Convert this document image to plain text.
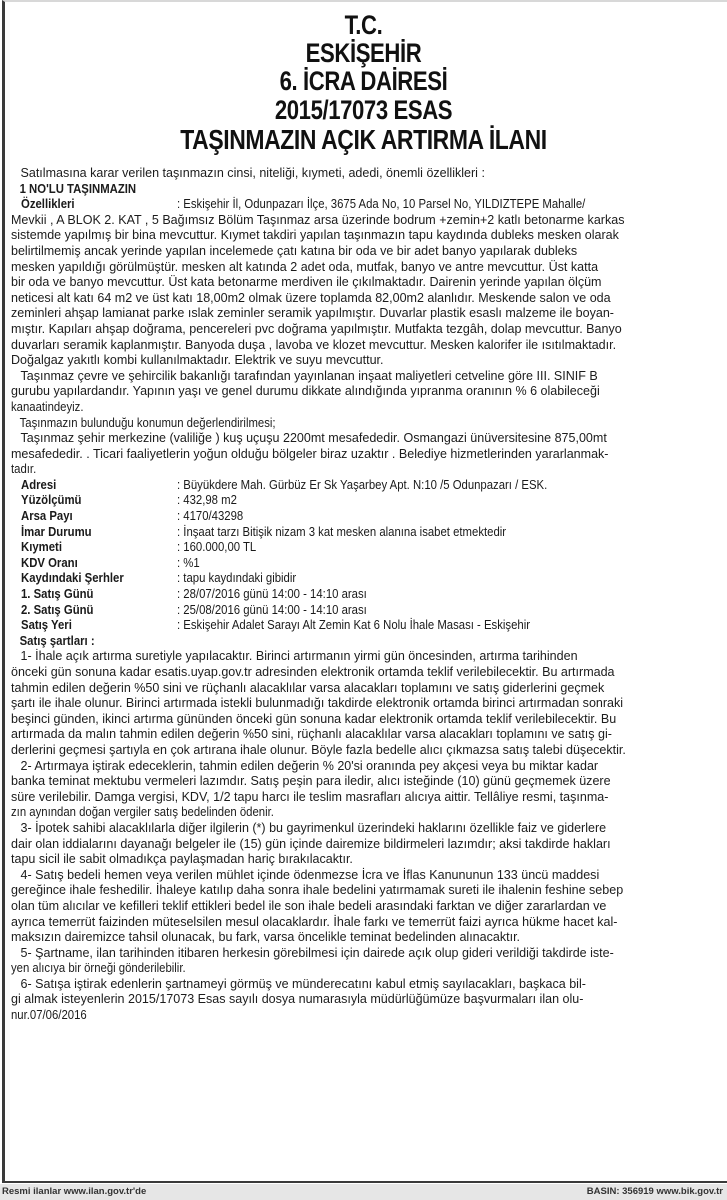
T.C.
ESKİŞEHİR
6. İCRA DAİRESİ
2015/17073 ESAS
TAŞINMAZIN AÇIK ARTIRMA İLANI
Satılmasına karar verilen taşınmazın cinsi, niteliği, kıymeti, adedi, önemli özellikleri :
1 NO'LU TAŞINMAZIN
Özellikleri	: Eskişehir İl, Odunpazarı İlçe, 3675 Ada No, 10 Parsel No, YILDIZTEPE Mahalle/
Mevkii , A BLOK 2. KAT , 5 Bağımsız Bölüm Taşınmaz arsa üzerinde bodrum +zemin+2 katlı betonarme karkas
sistemde yapılmış bir bina mevcuttur. Kıymet takdiri yapılan taşınmazın tapu kaydında dubleks mesken olarak
belirtilmemiş ancak yerinde yapılan incelemede çatı katına bir oda ve bir adet banyo yapılarak dubleks
mesken yapıldığı görülmüştür. mesken alt katında 2 adet oda, mutfak, banyo ve antre mevcuttur. Üst katta
bir oda ve banyo mevcuttur. Üst kata betonarme merdiven ile çıkılmaktadır. Dairenin yerinde yapılan ölçüm
neticesi alt katı 64 m2 ve üst katı 18,00m2 olmak üzere toplamda 82,00m2 alanlıdır. Meskende salon ve oda
zeminleri ahşap lamianat parke ıslak zeminler seramik yapılmıştır. Duvarlar plastik esaslı malzeme ile boyan-
mıştır. Kapıları ahşap doğrama, pencereleri pvc doğrama yapılmıştır. Mutfakta tezgâh, dolap mevcuttur. Banyo
duvarları seramik kaplanmıştır. Banyoda duşa , lavoba ve klozet mevcuttur. Mesken kalorifer ile ısıtılmaktadır.
Doğalgaz yakıtlı kombi kullanılmaktadır. Elektrik ve suyu mevcuttur.
Taşınmaz çevre ve şehircilik bakanlığı tarafından yayınlanan inşaat maliyetleri cetveline göre III. SINIF B
gurubu yapılardandır. Yapının yaşı ve genel durumu dikkate alındığında yıpranma oranının % 6 olabileceği
kanaatindeyiz.
Taşınmazın bulunduğu konumun değerlendirilmesi;
Taşınmaz şehir merkezine (valiliğe ) kuş uçuşu 2200mt mesafededir. Osmangazi ünüversitesine 875,00mt
mesafededir. . Ticari faaliyetlerin yoğun olduğu bölgeler biraz uzaktır . Belediye hizmetlerinden yararlanmak-
tadır.
Adresi	: Büyükdere Mah. Gürbüz Er Sk Yaşarbey Apt. N:10 /5 Odunpazarı / ESK.
Yüzölçümü	: 432,98 m2
Arsa Payı	: 4170/43298
İmar Durumu	: İnşaat tarzı Bitişik nizam 3 kat mesken alanına isabet etmektedir
Kıymeti	: 160.000,00 TL
KDV Oranı	: %1
Kaydındaki Şerhler	: tapu kaydındaki gibidir
1. Satış Günü	: 28/07/2016 günü 14:00 - 14:10 arası
2. Satış Günü	: 25/08/2016 günü 14:00 - 14:10 arası
Satış Yeri	: Eskişehir Adalet Sarayı Alt Zemin Kat 6 Nolu İhale Masası - Eskişehir
Satış şartları :
1- İhale açık artırma suretiyle yapılacaktır. Birinci artırmanın yirmi gün öncesinden, artırma tarihinden
önceki gün sonuna kadar esatis.uyap.gov.tr adresinden elektronik ortamda teklif verilebilecektir. Bu artırmada
tahmin edilen değerin %50 sini ve rüçhanlı alacaklılar varsa alacakları toplamını ve satış giderlerini geçmek
şartı ile ihale olunur. Birinci artırmada istekli bulunmadığı takdirde elektronik ortamda birinci artırmadan sonraki
beşinci günden, ikinci artırma gününden önceki gün sonuna kadar elektronik ortamda teklif verilebilecektir. Bu
artırmada da malın tahmin edilen değerin %50 sini, rüçhanlı alacaklılar varsa alacakları toplamını ve satış gi-
derlerini geçmesi şartıyla en çok artırana ihale olunur. Böyle fazla bedelle alıcı çıkmazsa satış talebi düşecektir.
2- Artırmaya iştirak edeceklerin, tahmin edilen değerin % 20'si oranında pey akçesi veya bu miktar kadar
banka teminat mektubu vermeleri lazımdır. Satış peşin para iledir, alıcı isteğinde (10) günü geçmemek üzere
süre verilebilir. Damga vergisi, KDV, 1/2 tapu harcı ile teslim masrafları alıcıya aittir. Tellâliye resmi, taşınma-
zın aynından doğan vergiler satış bedelinden ödenir.
3- İpotek sahibi alacaklılarla diğer ilgilerin (*) bu gayrimenkul üzerindeki haklarını özellikle faiz ve giderlere
dair olan iddialarını dayanağı belgeler ile (15) gün içinde dairemize bildirmeleri lazımdır; aksi takdirde hakları
tapu sicil ile sabit olmadıkça paylaşmadan hariç bırakılacaktır.
4- Satış bedeli hemen veya verilen mühlet içinde ödenmezse İcra ve İflas Kanununun 133 üncü maddesi
gereğince ihale feshedilir. İhaleye katılıp daha sonra ihale bedelini yatırmamak sureti ile ihalenin feshine sebep
olan tüm alıcılar ve kefilleri teklif ettikleri bedel ile son ihale bedeli arasındaki farktan ve diğer zararlardan ve
ayrıca temerrüt faizinden müteselsilen mesul olacaklardır. İhale farkı ve temerrüt faizi ayrıca hükme hacet kal-
maksızın dairemizce tahsil olunacak, bu fark, varsa öncelikle teminat bedelinden alınacaktır.
5- Şartname, ilan tarihinden itibaren herkesin görebilmesi için dairede açık olup gideri verildiği takdirde iste-
yen alıcıya bir örneği gönderilebilir.
6- Satışa iştirak edenlerin şartnameyi görmüş ve münderecatını kabul etmiş sayılacakları, başkaca bil-
gi almak isteyenlerin 2015/17073 Esas sayılı dosya numarasıyla müdürlüğümüze başvurmaları ilan olu-
nur.07/06/2016
Resmi ilanlar www.ilan.gov.tr'de	BASIN: 356919 www.bik.gov.tr
